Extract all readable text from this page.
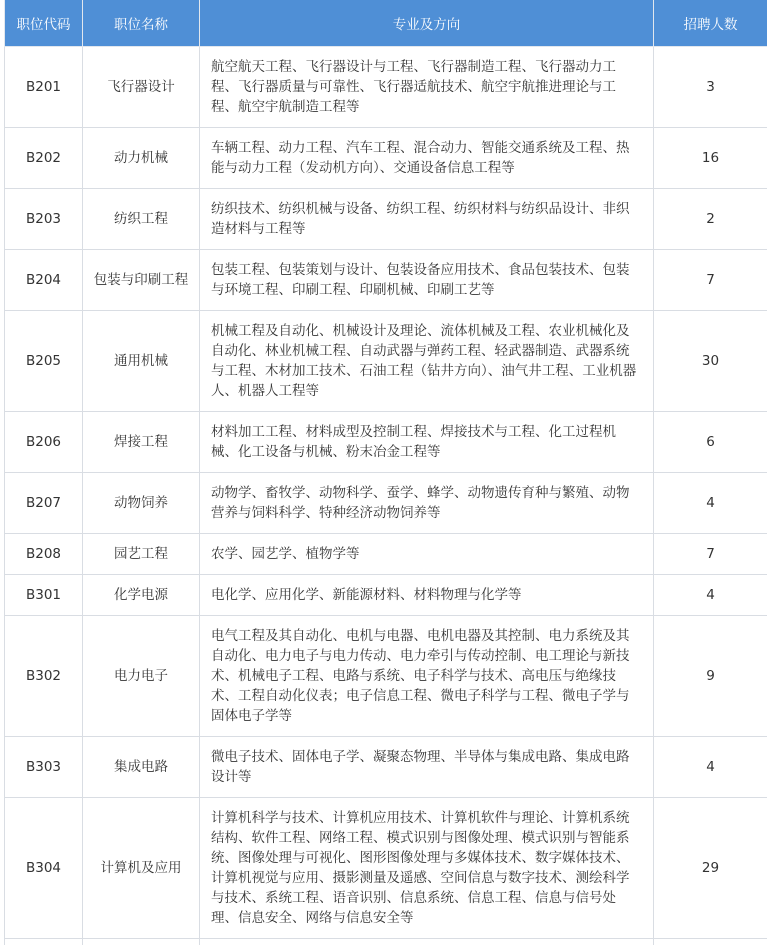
职位代码	职位名称	专业及方向	招聘人数
B201	飞行器设计	航空航天工程、飞行器设计与工程、飞行器制造工程、飞行器动力工程、飞行器质量与可靠性、飞行器适航技术、航空宇航推进理论与工程、航空宇航制造工程等	3
B202	动力机械	车辆工程、动力工程、汽车工程、混合动力、智能交通系统及工程、热能与动力工程（发动机方向）、交通设备信息工程等	16
B203	纺织工程	纺织技术、纺织机械与设备、纺织工程、纺织材料与纺织品设计、非织造材料与工程等	2
B204	包装与印刷工程	包装工程、包装策划与设计、包装设备应用技术、食品包装技术、包装与环境工程、印刷工程、印刷机械、印刷工艺等	7
B205	通用机械	机械工程及自动化、机械设计及理论、流体机械及工程、农业机械化及自动化、林业机械工程、自动武器与弹药工程、轻武器制造、武器系统与工程、木材加工技术、石油工程（钻井方向）、油气井工程、工业机器人、机器人工程等	30
B206	焊接工程	材料加工工程、材料成型及控制工程、焊接技术与工程、化工过程机械、化工设备与机械、粉末冶金工程等	6
B207	动物饲养	动物学、畜牧学、动物科学、蚕学、蜂学、动物遗传育种与繁殖、动物营养与饲料科学、特种经济动物饲养等	4
B208	园艺工程	农学、园艺学、植物学等	7
B301	化学电源	电化学、应用化学、新能源材料、材料物理与化学等	4
B302	电力电子	电气工程及其自动化、电机与电器、电机电器及其控制、电力系统及其自动化、电力电子与电力传动、电力牵引与传动控制、电工理论与新技术、机械电子工程、电路与系统、电子科学与技术、高电压与绝缘技术、工程自动化仪表；电子信息工程、微电子科学与工程、微电子学与固体电子学等	9
B303	集成电路	微电子技术、固体电子学、凝聚态物理、半导体与集成电路、集成电路设计等	4
B304	计算机及应用	计算机科学与技术、计算机应用技术、计算机软件与理论、计算机系统结构、软件工程、网络工程、模式识别与图像处理、模式识别与智能系统、图像处理与可视化、图形图像处理与多媒体技术、数字媒体技术、计算机视觉与应用、摄影测量及遥感、空间信息与数字技术、测绘科学与技术、系统工程、语音识别、信息系统、信息工程、信息与信号处理、信息安全、网络与信息安全等	29
